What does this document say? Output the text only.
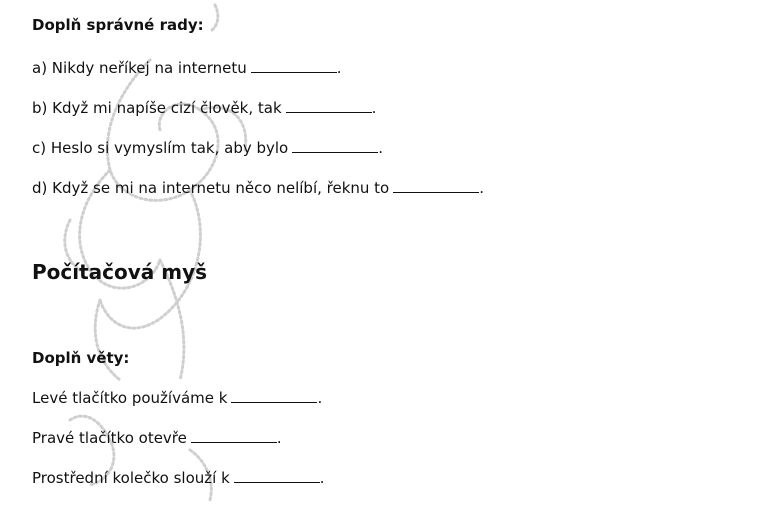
Doplň správné rady:
a) Nikdy neříkej na internetu	.
b) Když mi napíše cizí člověk, tak	.
c) Heslo si vymyslím tak, aby bylo	.
d) Když se mi na internetu něco nelíbí, řeknu to	.
Počítačová myš
Doplň věty:
Levé tlačítko používáme k	.
Pravé tlačítko otevře	.
Prostřední kolečko slouží k	.
